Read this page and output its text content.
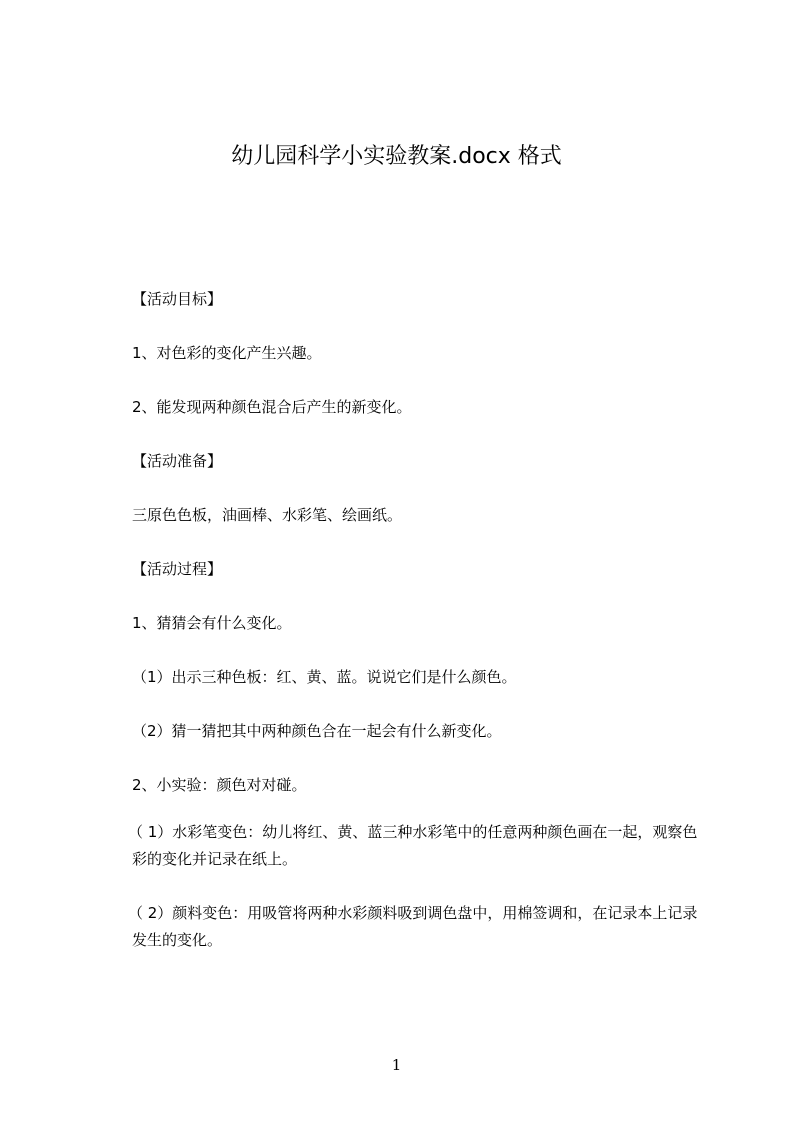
幼儿园科学小实验教案.docx 格式

【活动目标】

1、对色彩的变化产生兴趣。

2、能发现两种颜色混合后产生的新变化。

【活动准备】

三原色色板，油画棒、水彩笔、绘画纸。

【活动过程】

1、猜猜会有什么变化。

（1）出示三种色板：红、黄、蓝。说说它们是什么颜色。

（2）猜一猜把其中两种颜色合在一起会有什么新变化。

2、小实验：颜色对对碰。

（ 1）水彩笔变色：幼儿将红、黄、蓝三种水彩笔中的任意两种颜色画在一起，观察色彩的变化并记录在纸上。

（ 2）颜料变色：用吸管将两种水彩颜料吸到调色盘中，用棉签调和，在记录本上记录发生的变化。

1
